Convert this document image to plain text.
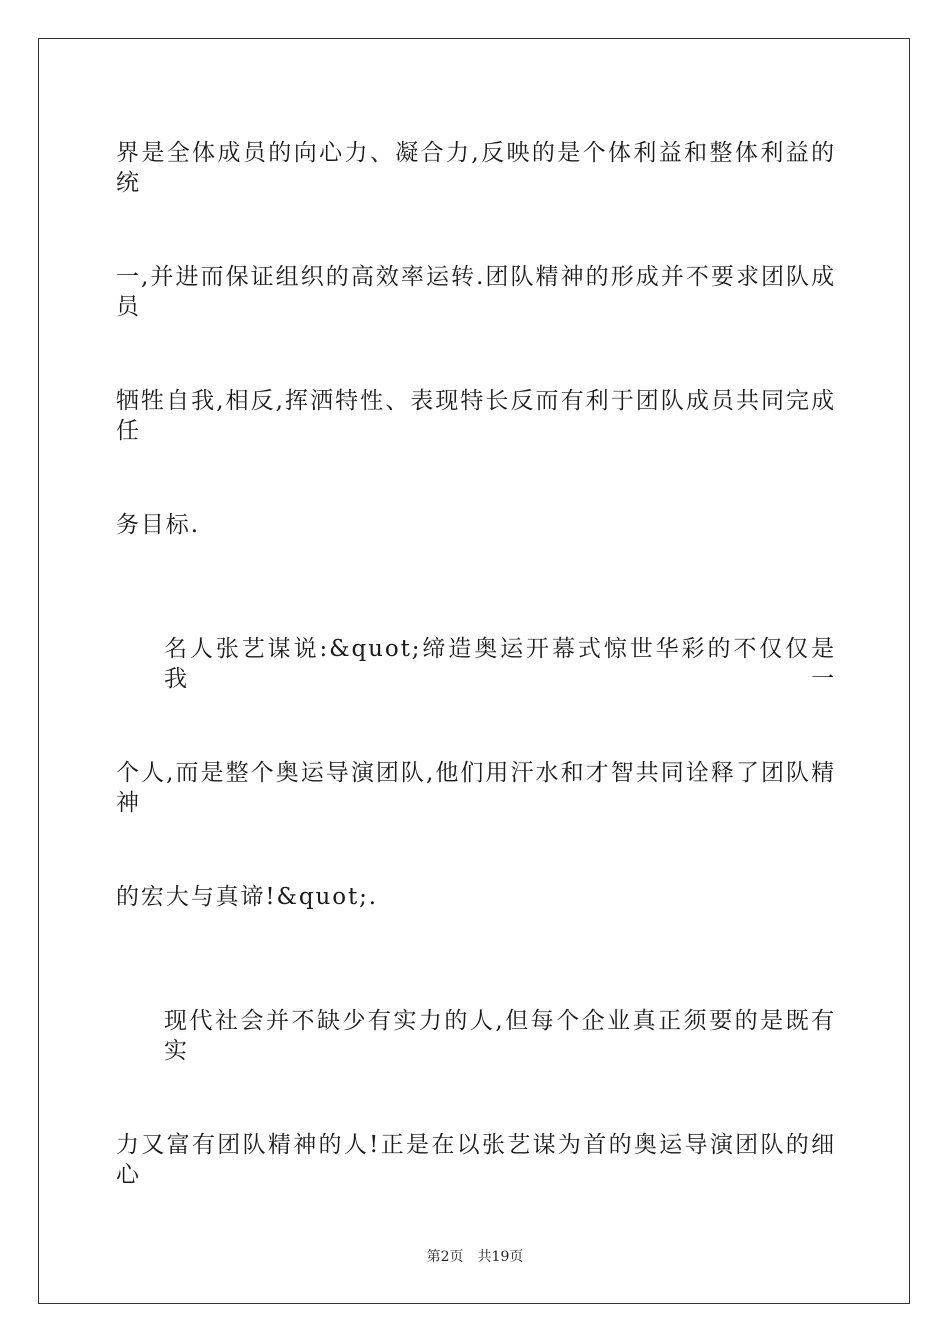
界是全体成员的向心力、凝合力,反映的是个体利益和整体利益的统
一,并进而保证组织的高效率运转.团队精神的形成并不要求团队成员
牺牲自我,相反,挥洒特性、表现特长反而有利于团队成员共同完成任
务目标.
名人张艺谋说:&quot;缔造奥运开幕式惊世华彩的不仅仅是我一
个人,而是整个奥运导演团队,他们用汗水和才智共同诠释了团队精神
的宏大与真谛!&quot;.
现代社会并不缺少有实力的人,但每个企业真正须要的是既有实
力又富有团队精神的人!正是在以张艺谋为首的奥运导演团队的细心
第2页 共19页
